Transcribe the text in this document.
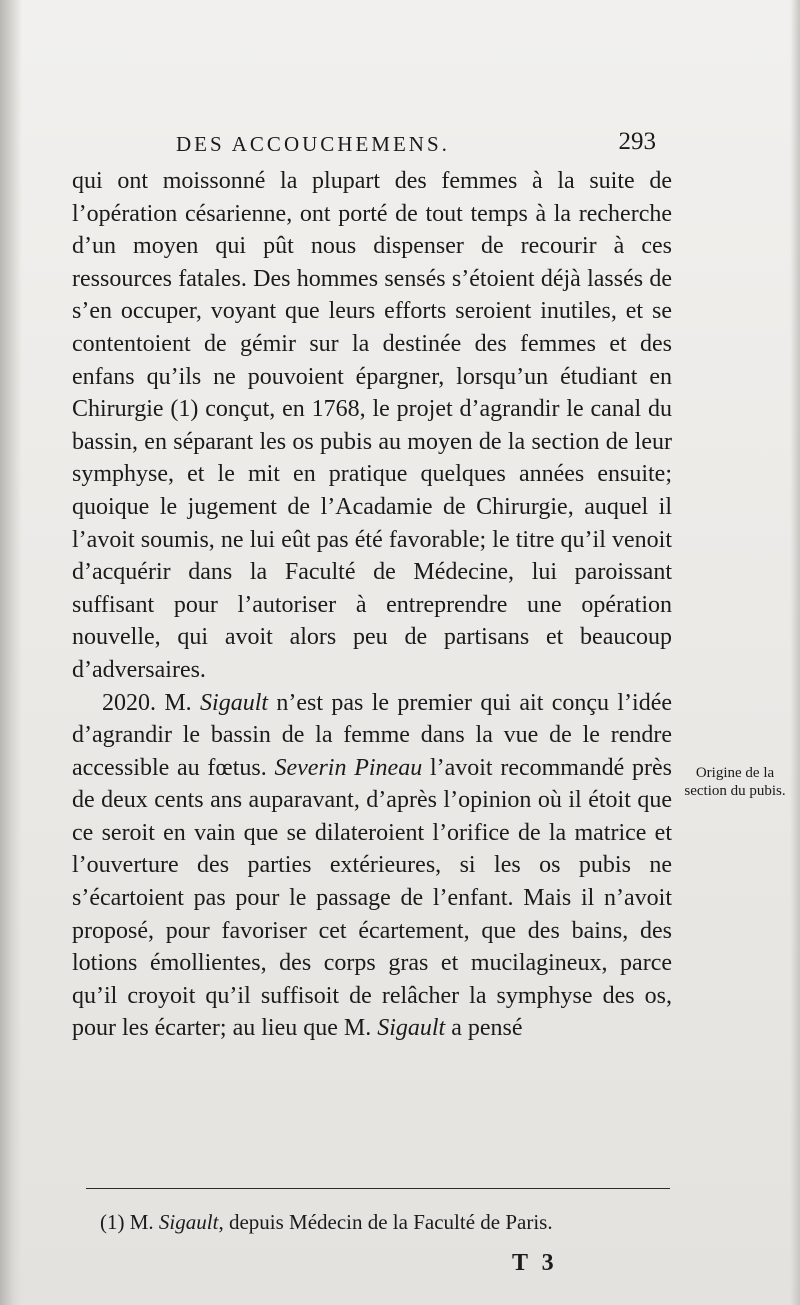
DES ACCOUCHEMENS.	293

qui ont moissonné la plupart des femmes à la suite de l’opération césarienne, ont porté de tout temps à la recherche d’un moyen qui pût nous dispenser de recourir à ces ressources fatales. Des hommes sensés s’étoient déjà lassés de s’en occuper, voyant que leurs efforts seroient inutiles, et se contentoient de gémir sur la destinée des femmes et des enfans qu’ils ne pouvoient épargner, lorsqu’un étudiant en Chirurgie (1) conçut, en 1768, le projet d’agrandir le canal du bassin, en séparant les os pubis au moyen de la section de leur symphyse, et le mit en pratique quelques années ensuite; quoique le jugement de l’Acadamie de Chirurgie, auquel il l’avoit soumis, ne lui eût pas été favorable; le titre qu’il venoit d’acquérir dans la Faculté de Médecine, lui paroissant suffisant pour l’autoriser à entreprendre une opération nouvelle, qui avoit alors peu de partisans et beaucoup d’adversaires.

2020. M. Sigault n’est pas le premier qui ait conçu l’idée d’agrandir le bassin de la femme dans la vue de le rendre accessible au fœtus. Severin Pineau l’avoit recommandé près de deux cents ans auparavant, d’après l’opinion où il étoit que ce seroit en vain que se dilateroient l’orifice de la matrice et l’ouverture des parties extérieures, si les os pubis ne s’écartoient pas pour le passage de l’enfant. Mais il n’avoit proposé, pour favoriser cet écartement, que des bains, des lotions émollientes, des corps gras et mucilagineux, parce qu’il croyoit qu’il suffisoit de relâcher la symphyse des os, pour les écarter; au lieu que M. Sigault a pensé

Origine de la section du pubis.
(1) M. Sigault, depuis Médecin de la Faculté de Paris.
T 3
